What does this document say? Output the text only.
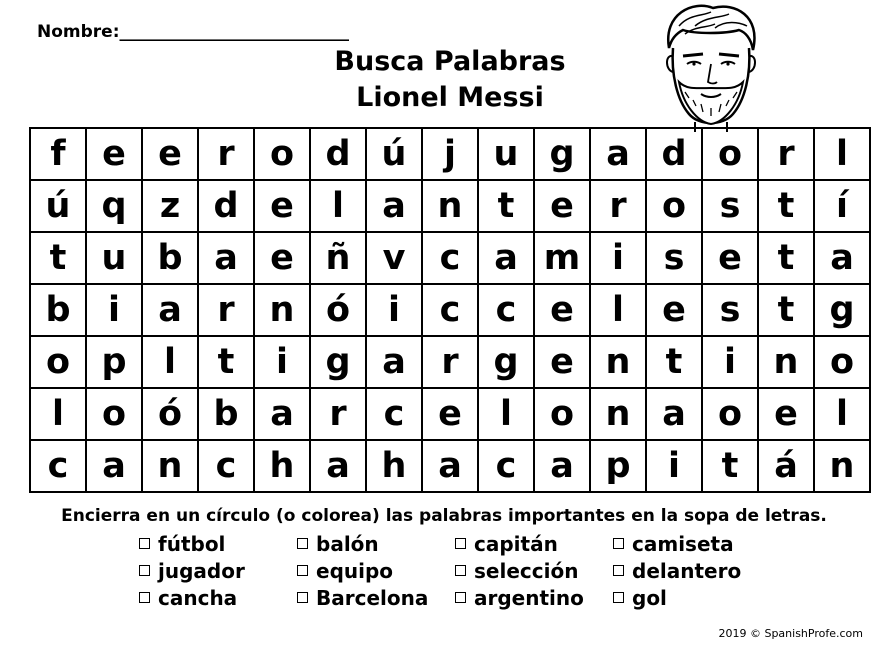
Nombre:___________________________
Busca Palabras
Lionel Messi
f	e	e	r	o	d	ú	j	u	g	a	d	o	r	l
ú	q	z	d	e	l	a	n	t	e	r	o	s	t	í
t	u	b	a	e	ñ	v	c	a	m	i	s	e	t	a
b	i	a	r	n	ó	i	c	c	e	l	e	s	t	g
o	p	l	t	i	g	a	r	g	e	n	t	i	n	o
l	o	ó	b	a	r	c	e	l	o	n	a	o	e	l
c	a	n	c	h	a	h	a	c	a	p	i	t	á	n
Encierra en un círculo (o colorea) las palabras importantes en la sopa de letras.
fútbol	balón	capitán	camiseta
jugador	equipo	selección	delantero
cancha	Barcelona	argentino	gol
2019 © SpanishProfe.com
